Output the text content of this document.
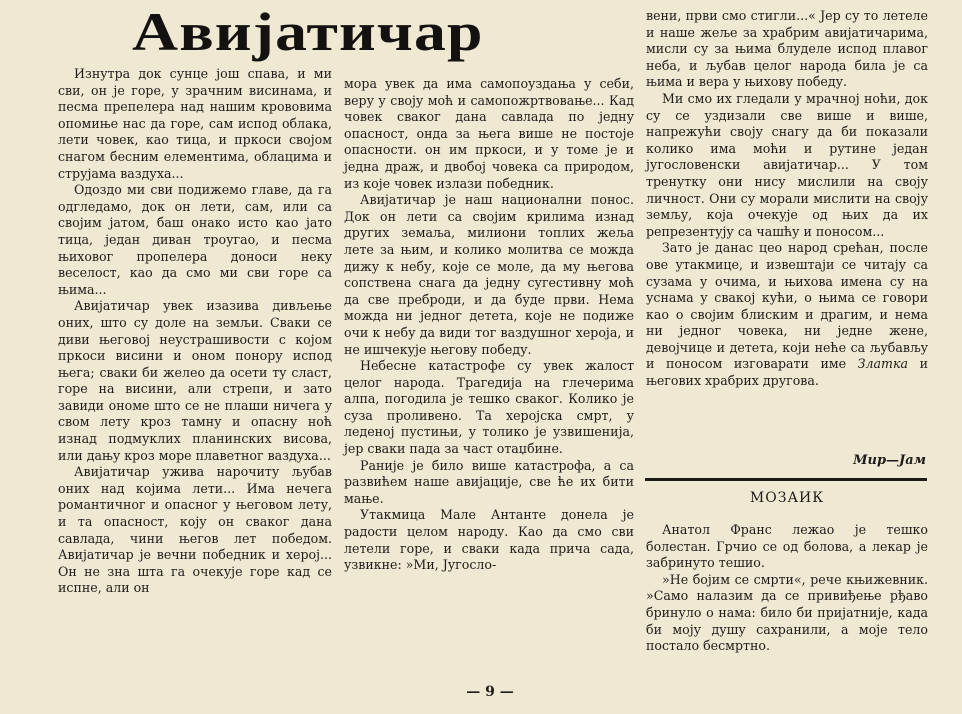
Авијатичар

Изнутра док сунце још спава, и ми сви, он је горе, у зрачним висинама, и песма препелера над нашим крововима опомиње нас да горе, сам испод облака, лети човек, као тица, и пркоси својом снагом бесним елементима, облацима и струјама ваздуха...

Одоздо ми сви подижемо главе, да га одгледамо, док он лети, сам, или са својим јатом, баш онако исто као јато тица, један диван троугао, и песма њиховог пропелера доноси неку веселост, као да смо ми сви горе са њима...

Авијатичар увек изазива дивљење оних, што су доле на земљи. Сваки се диви његовој неустрашивости с којом пркоси висини и оном понору испод њега; сваки би желео да осети ту сласт, горе на висини, али стрепи, и зато завиди ономе што се не плаши ничега у свом лету кроз тамну и опасну ноћ изнад подмуклих планинских висова, или дању кроз море плаветног ваздуха...

Авијатичар ужива нарочиту љубав оних над којима лети... Има нечега романтичног и опасног у његовом лету, и та опасност, коју он сваког дана савлада, чини његов лет победом. Авијатичар је вечни победник и херој... Он не зна шта га очекује горе кад се испне, али он

мора увек да има самопоуздања у себи, веру у своју моћ и самопожртвовање... Кад човек сваког дана савлада по једну опасност, онда за њега више не постоје опасности. он им пркоси, и у томе је и једна драж, и двобој човека са природом, из које човек излази победник.

Авијатичар је наш национални понос. Док он лети са својим крилима изнад других земаља, милиони топлих жеља лете за њим, и колико молитва се можда дижу к небу, које се моле, да му његова сопствена снага да једну сугестивну моћ да све преброди, и да буде први. Нема можда ни једног детета, које не подиже очи к небу да види тог ваздушног хероја, и не ишчекује његову победу.

Небесне катастрофе су увек жалост целог народа. Трагедија на глечерима алпа, погодила је тешко сваког. Колико је суза проливено. Та херојска смрт, у леденој пустињи, у толико је узвишенија, јер сваки пада за част отаџбине.

Раније је било више катастрофа, а са развићем наше авијације, све ће их бити мање.

Утакмица Мале Антанте донела је радости целом народу. Као да смо сви летели горе, и сваки када прича сада, узвикне: »Ми, Југосло-

вени, први смо стигли...« Јер су то летеле и наше жеље за храбрим авијатичарима, мисли су за њима блуделе испод плавог неба, и љубав целог народа била је са њима и вера у њихову победу.

Ми смо их гледали у мрачној ноћи, док су се уздизали све више и више, напрежући своју снагу да би показали колико има моћи и рутине један југословенски авијатичар... У том тренутку они нису мислили на своју личност. Они су морали мислити на своју земљу, која очекује од њих да их репрезентују са чашћу и поносом...

Зато је данас цео народ срећан, после ове утакмице, и извештаји се читају са сузама у очима, и њихова имена су на уснама у свакој кући, о њима се говори као о својим блиским и драгим, и нема ни једног човека, ни једне жене, девојчице и детета, који неће са љубављу и поносом изговарати име Златка и његових храбрих другова.

Мир—Јам
МОЗАИК

Анатол Франс лежао је тешко болестан. Грчио се од болова, а лекар је забринуто тешио.

»Не бојим се смрти«, рече књижевник. »Само налазим да се привиђење рђаво бринуло о нама: било би пријатније, када би моју душу сахранили, а моје тело постало бесмртно.

— 9 —
